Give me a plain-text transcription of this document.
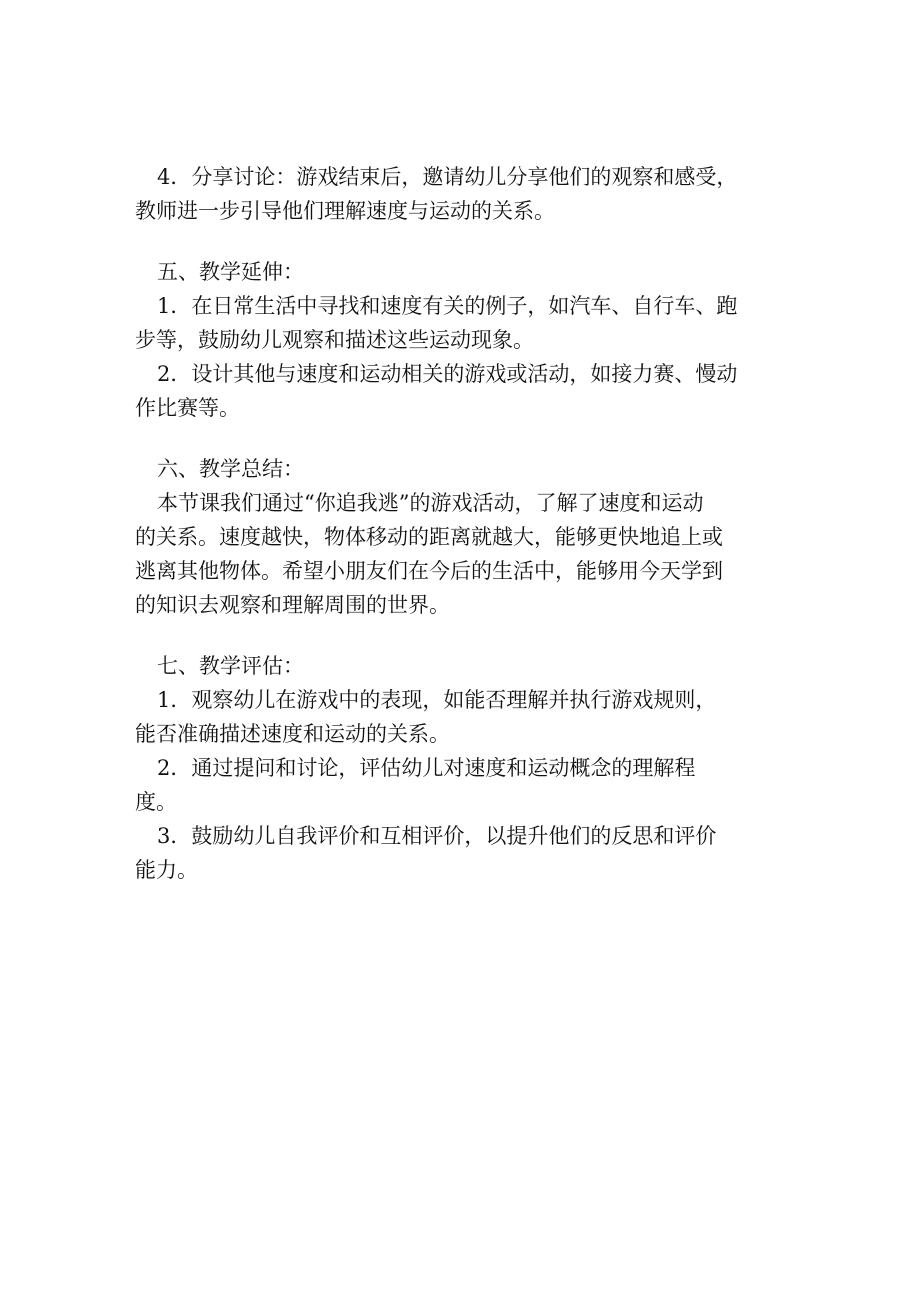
4．分享讨论：游戏结束后，邀请幼儿分享他们的观察和感受，
教师进一步引导他们理解速度与运动的关系。
五、教学延伸：
1．在日常生活中寻找和速度有关的例子，如汽车、自行车、跑
步等，鼓励幼儿观察和描述这些运动现象。
2．设计其他与速度和运动相关的游戏或活动，如接力赛、慢动
作比赛等。
六、教学总结：
本节课我们通过“你追我逃”的游戏活动，了解了速度和运动
的关系。速度越快，物体移动的距离就越大，能够更快地追上或
逃离其他物体。希望小朋友们在今后的生活中，能够用今天学到
的知识去观察和理解周围的世界。
七、教学评估：
1．观察幼儿在游戏中的表现，如能否理解并执行游戏规则，
能否准确描述速度和运动的关系。
2．通过提问和讨论，评估幼儿对速度和运动概念的理解程
度。
3．鼓励幼儿自我评价和互相评价，以提升他们的反思和评价
能力。
